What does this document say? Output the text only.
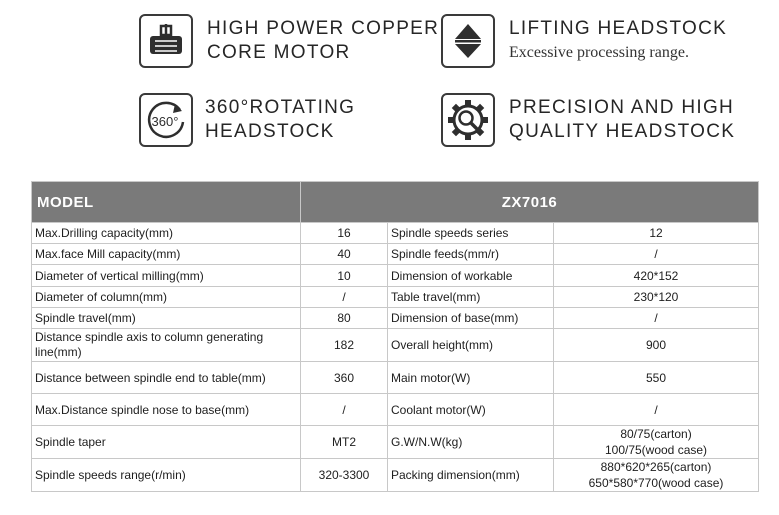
HIGH POWER COPPER
CORE MOTOR
LIFTING HEADSTOCK
Excessive processing range.
360°
360°ROTATING
HEADSTOCK
PRECISION AND HIGH
QUALITY HEADSTOCK
MODEL	ZX7016		
Max.Drilling capacity(mm)	16	Spindle speeds series	12
Max.face Mill capacity(mm)	40	Spindle feeds(mm/r)	/
Diameter of vertical milling(mm)	10	Dimension of workable	420*152
Diameter of column(mm)	/	Table travel(mm)	230*120
Spindle travel(mm)	80	Dimension of base(mm)	/
Distance spindle axis to column generating line(mm)	182	Overall height(mm)	900
Distance between spindle end to table(mm)	360	Main motor(W)	550
Max.Distance spindle nose to base(mm)	/	Coolant motor(W)	/
Spindle taper	MT2	G.W/N.W(kg)	80/75(carton)
100/75(wood case)

Spindle speeds range(r/min)	320-3300	Packing dimension(mm)	880*620*265(carton)
650*580*770(wood case)
